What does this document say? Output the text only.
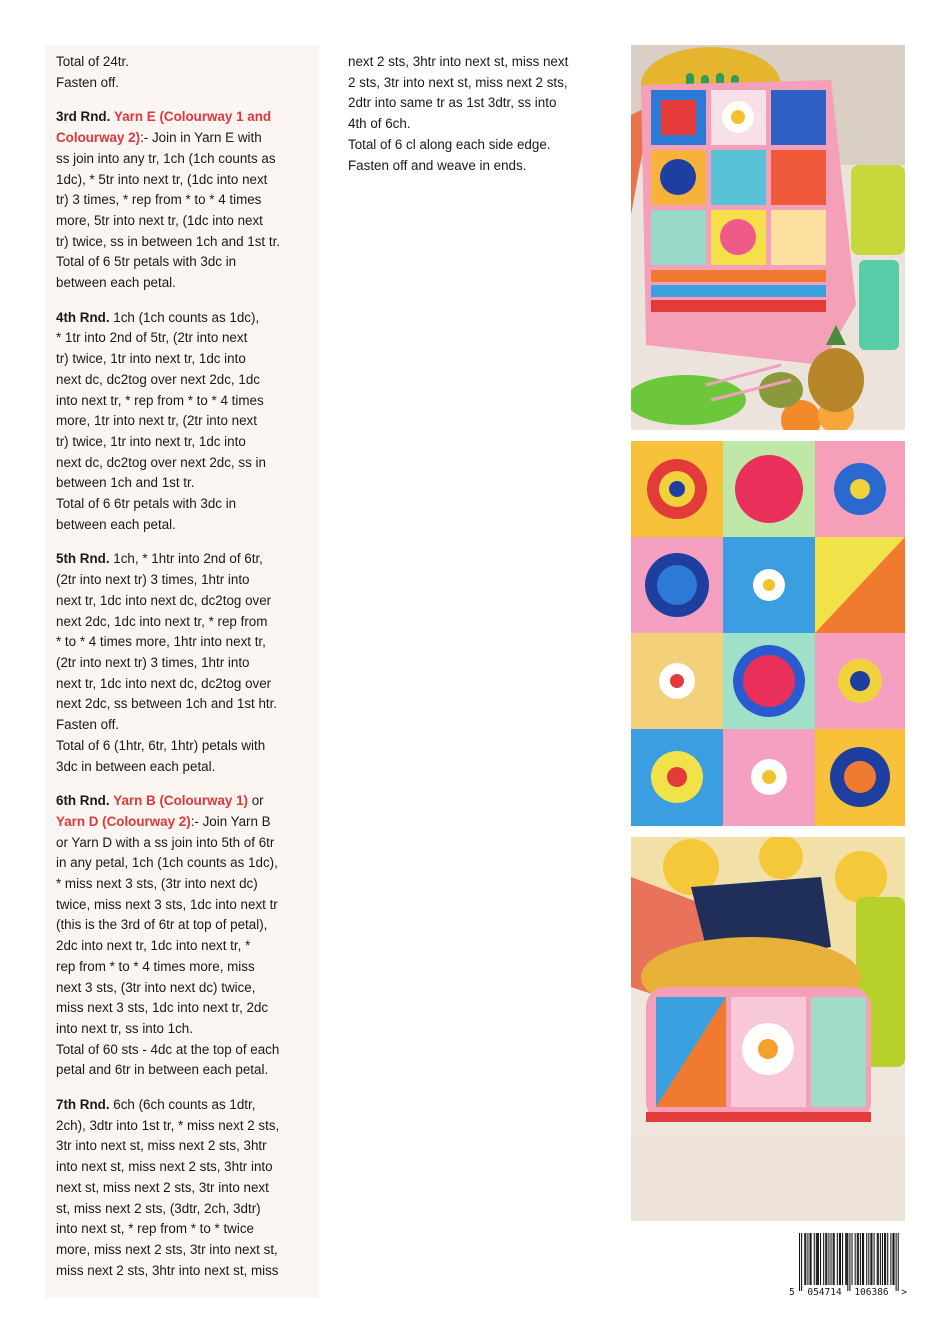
Total of 24tr.
Fasten off.
3rd Rnd. Yarn E (Colourway 1 and
Colourway 2):- Join in Yarn E with
ss join into any tr, 1ch (1ch counts as
1dc), * 5tr into next tr, (1dc into next
tr) 3 times, * rep from * to * 4 times
more, 5tr into next tr, (1dc into next
tr) twice, ss in between 1ch and 1st tr.
Total of 6 5tr petals with 3dc in
between each petal.
4th Rnd. 1ch (1ch counts as 1dc),
* 1tr into 2nd of 5tr, (2tr into next
tr) twice, 1tr into next tr, 1dc into
next dc, dc2tog over next 2dc, 1dc
into next tr, * rep from * to * 4 times
more, 1tr into next tr, (2tr into next
tr) twice, 1tr into next tr, 1dc into
next dc, dc2tog over next 2dc, ss in
between 1ch and 1st tr.
Total of 6 6tr petals with 3dc in
between each petal.
5th Rnd. 1ch, * 1htr into 2nd of 6tr,
(2tr into next tr) 3 times, 1htr into
next tr, 1dc into next dc, dc2tog over
next 2dc, 1dc into next tr, * rep from
* to * 4 times more, 1htr into next tr,
(2tr into next tr) 3 times, 1htr into
next tr, 1dc into next dc, dc2tog over
next 2dc, ss between 1ch and 1st htr.
Fasten off.
Total of 6 (1htr, 6tr, 1htr) petals with
3dc in between each petal.
6th Rnd. Yarn B (Colourway 1) or
Yarn D (Colourway 2):- Join Yarn B
or Yarn D with a ss join into 5th of 6tr
in any petal, 1ch (1ch counts as 1dc),
* miss next 3 sts, (3tr into next dc)
twice, miss next 3 sts, 1dc into next tr
(this is the 3rd of 6tr at top of petal),
2dc into next tr, 1dc into next tr, *
rep from * to * 4 times more, miss
next 3 sts, (3tr into next dc) twice,
miss next 3 sts, 1dc into next tr, 2dc
into next tr, ss into 1ch.
Total of 60 sts - 4dc at the top of each
petal and 6tr in between each petal.
7th Rnd. 6ch (6ch counts as 1dtr,
2ch), 3dtr into 1st tr, * miss next 2 sts,
3tr into next st, miss next 2 sts, 3htr
into next st, miss next 2 sts, 3htr into
next st, miss next 2 sts, 3tr into next
st, miss next 2 sts, (3dtr, 2ch, 3dtr)
into next st, * rep from * to * twice
more, miss next 2 sts, 3tr into next st,
miss next 2 sts, 3htr into next st, miss
next 2 sts, 3htr into next st, miss next
2 sts, 3tr into next st, miss next 2 sts,
2dtr into same tr as 1st 3dtr, ss into
4th of 6ch.
Total of 6 cl along each side edge.
Fasten off and weave in ends.
5 054714 106386 >
